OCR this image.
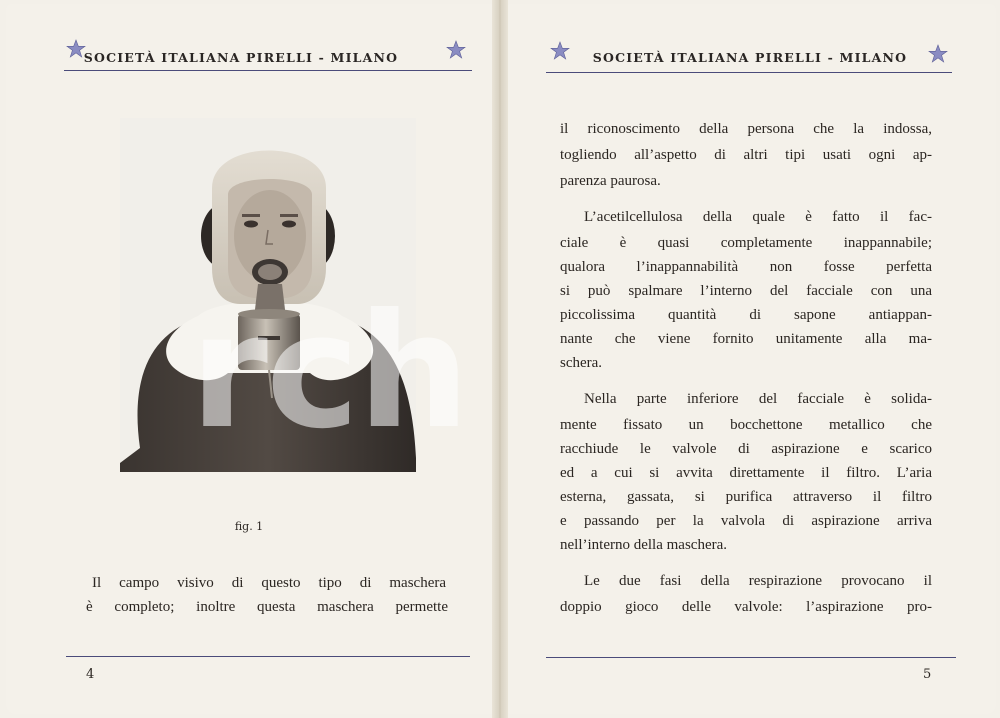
SOCIETÀ ITALIANA PIRELLI - MILANO
fig. 1
Il campo visivo di questo tipo di maschera
è completo; inoltre questa maschera permette
4
SOCIETÀ ITALIANA PIRELLI - MILANO
il riconoscimento della persona che la indossa,
togliendo all’aspetto di altri tipi usati ogni ap-
parenza paurosa.
L’acetilcellulosa della quale è fatto il fac-
ciale è quasi completamente inappannabile;
qualora l’inappannabilità non fosse perfetta
si può spalmare l’interno del facciale con una
piccolissima quantità di sapone antiappan-
nante che viene fornito unitamente alla ma-
schera.
Nella parte inferiore del facciale è solida-
mente fissato un bocchettone metallico che
racchiude le valvole di aspirazione e scarico
ed a cui si avvita direttamente il filtro. L’aria
esterna, gassata, si purifica attraverso il filtro
e passando per la valvola di aspirazione arriva
nell’interno della maschera.
Le due fasi della respirazione provocano il
doppio gioco delle valvole: l’aspirazione pro-
5
rch
